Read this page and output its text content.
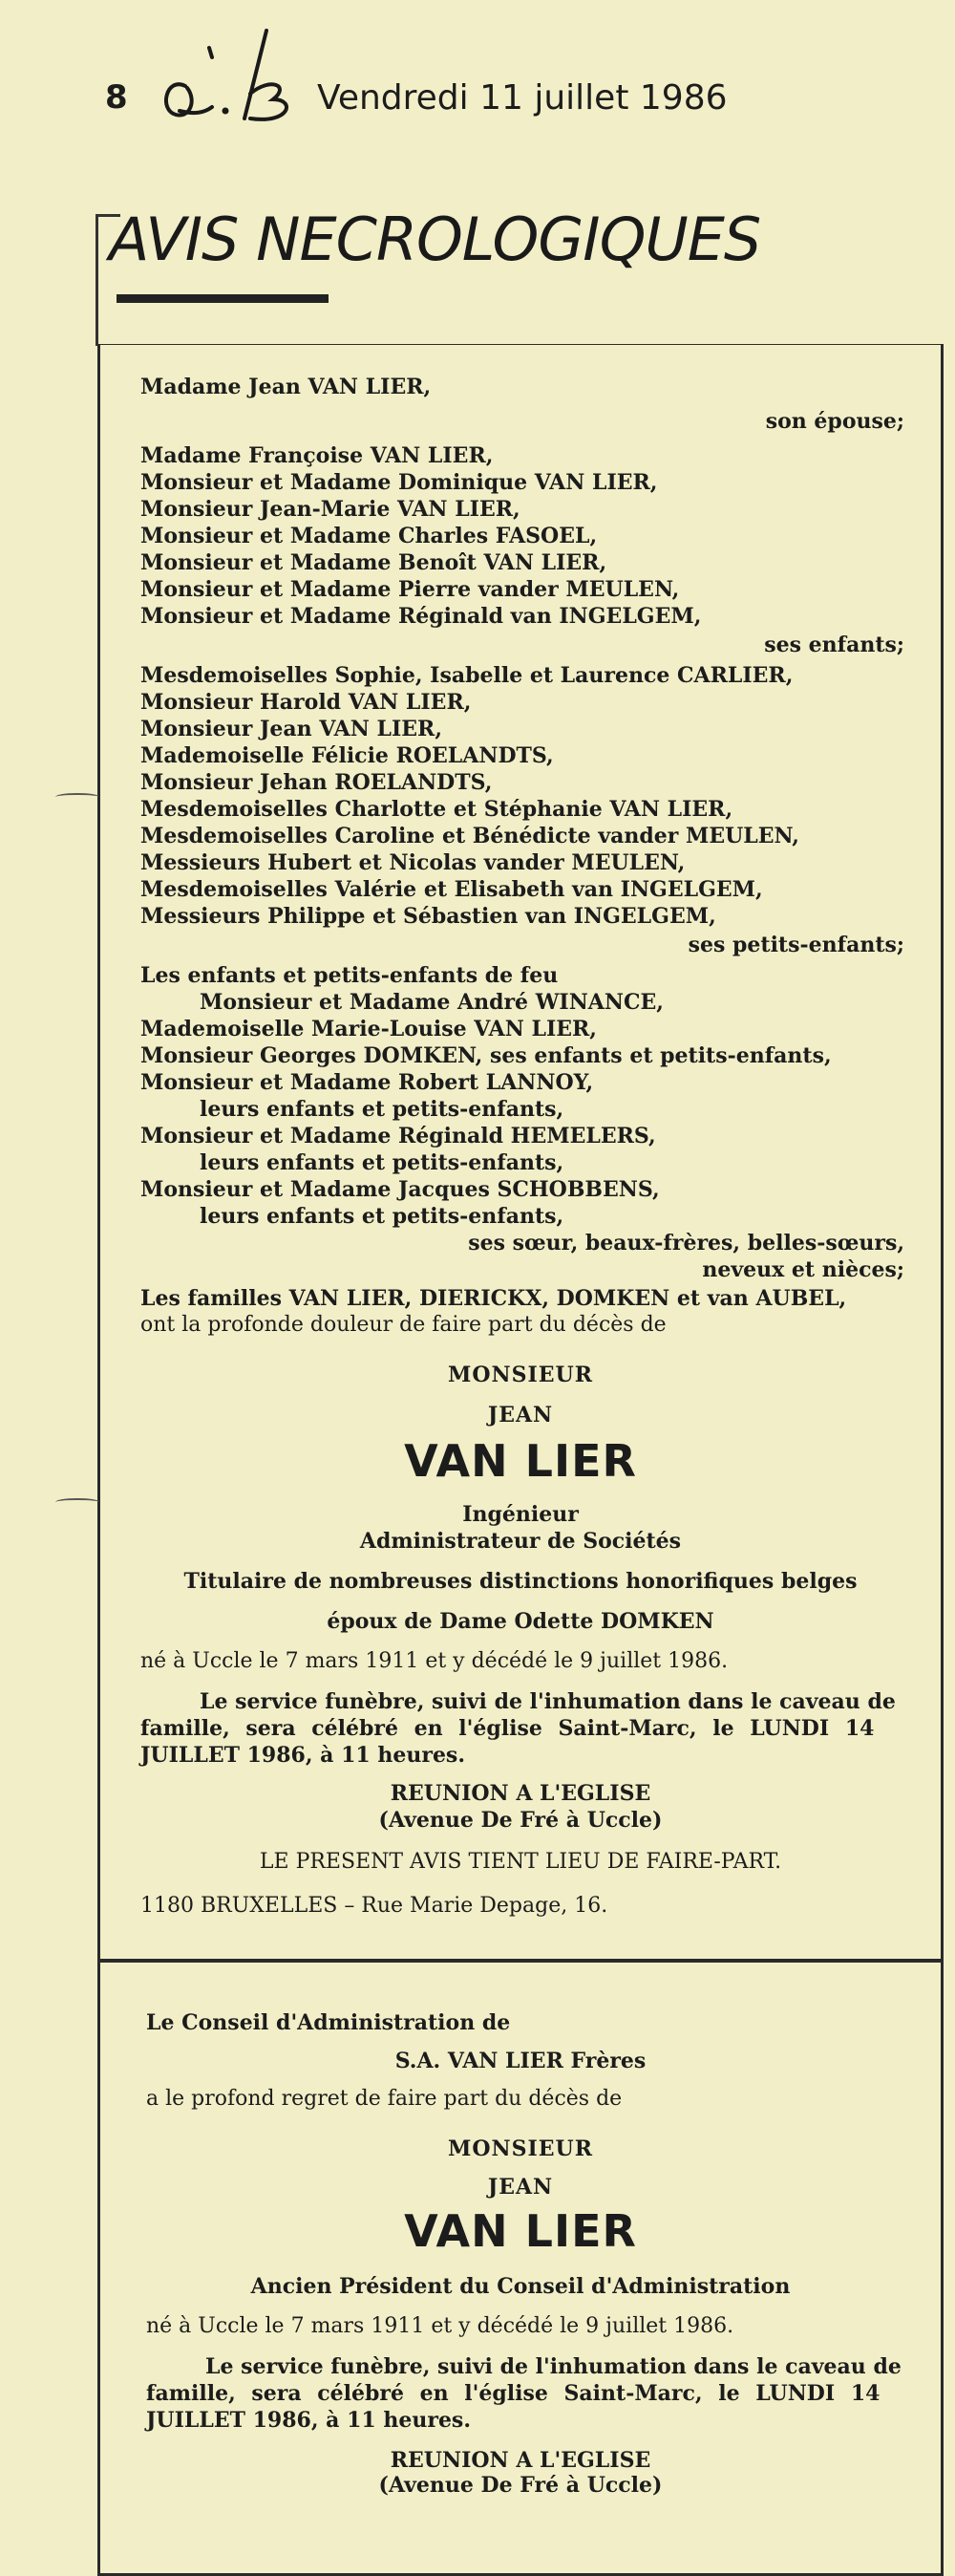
8	Vendredi 11 juillet 1986
AVIS NECROLOGIQUES
Madame Jean VAN LIER,
son épouse;
Madame Françoise VAN LIER,
Monsieur et Madame Dominique VAN LIER,
Monsieur Jean-Marie VAN LIER,
Monsieur et Madame Charles FASOEL,
Monsieur et Madame Benoît VAN LIER,
Monsieur et Madame Pierre vander MEULEN,
Monsieur et Madame Réginald van INGELGEM,
ses enfants;
Mesdemoiselles Sophie, Isabelle et Laurence CARLIER,
Monsieur Harold VAN LIER,
Monsieur Jean VAN LIER,
Mademoiselle Félicie ROELANDTS,
Monsieur Jehan ROELANDTS,
Mesdemoiselles Charlotte et Stéphanie VAN LIER,
Mesdemoiselles Caroline et Bénédicte vander MEULEN,
Messieurs Hubert et Nicolas vander MEULEN,
Mesdemoiselles Valérie et Elisabeth van INGELGEM,
Messieurs Philippe et Sébastien van INGELGEM,
ses petits-enfants;
Les enfants et petits-enfants de feu
Monsieur et Madame André WINANCE,
Mademoiselle Marie-Louise VAN LIER,
Monsieur Georges DOMKEN, ses enfants et petits-enfants,
Monsieur et Madame Robert LANNOY,
leurs enfants et petits-enfants,
Monsieur et Madame Réginald HEMELERS,
leurs enfants et petits-enfants,
Monsieur et Madame Jacques SCHOBBENS,
leurs enfants et petits-enfants,
ses sœur, beaux-frères, belles-sœurs,
neveux et nièces;
Les familles VAN LIER, DIERICKX, DOMKEN et van AUBEL,
ont la profonde douleur de faire part du décès de
MONSIEUR
JEAN
VAN LIER
Ingénieur
Administrateur de Sociétés
Titulaire de nombreuses distinctions honorifiques belges
époux de Dame Odette DOMKEN
né à Uccle le 7 mars 1911 et y décédé le 9 juillet 1986.
Le service funèbre, suivi de l'inhumation dans le caveau de
famille, sera célébré en l'église Saint-Marc, le LUNDI 14
JUILLET 1986, à 11 heures.
REUNION A L'EGLISE
(Avenue De Fré à Uccle)
LE PRESENT AVIS TIENT LIEU DE FAIRE-PART.
1180 BRUXELLES – Rue Marie Depage, 16.
Le Conseil d'Administration de
S.A. VAN LIER Frères
a le profond regret de faire part du décès de
MONSIEUR
JEAN
VAN LIER
Ancien Président du Conseil d'Administration
né à Uccle le 7 mars 1911 et y décédé le 9 juillet 1986.
Le service funèbre, suivi de l'inhumation dans le caveau de
famille, sera célébré en l'église Saint-Marc, le LUNDI 14
JUILLET 1986, à 11 heures.
REUNION A L'EGLISE
(Avenue De Fré à Uccle)
